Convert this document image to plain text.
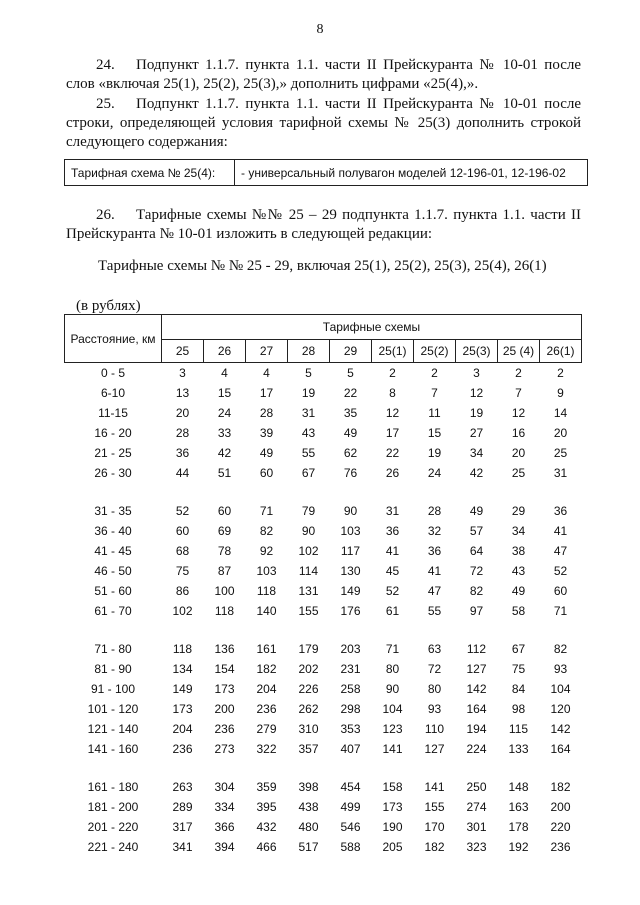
8
24. Подпункт 1.1.7. пункта 1.1. части II Прейскуранта № 10-01 после слов «включая 25(1), 25(2), 25(3),» дополнить цифрами «25(4),».
25. Подпункт 1.1.7. пункта 1.1. части II Прейскуранта № 10-01 после строки, определяющей условия тарифной схемы № 25(3) дополнить строкой следующего содержания:
Тарифная схема № 25(4):	- универсальный полувагон моделей 12-196-01, 12-196-02
26. Тарифные схемы №№ 25 – 29 подпункта 1.1.7. пункта 1.1. части II Прейскуранта № 10-01 изложить в следующей редакции:
Тарифные схемы № № 25 - 29, включая 25(1), 25(2), 25(3), 25(4), 26(1)
(в рублях)
Расстояние, км	Тарифные схемы									
	25	26	27	28	29	25(1)	25(2)	25(3)	25 (4)	26(1)
0 - 5	3	4	4	5	5	2	2	3	2	2
6-10	13	15	17	19	22	8	7	12	7	9
11-15	20	24	28	31	35	12	11	19	12	14
16 - 20	28	33	39	43	49	17	15	27	16	20
21 - 25	36	42	49	55	62	22	19	34	20	25
26 - 30	44	51	60	67	76	26	24	42	25	31

31 - 35	52	60	71	79	90	31	28	49	29	36
36 - 40	60	69	82	90	103	36	32	57	34	41
41 - 45	68	78	92	102	117	41	36	64	38	47
46 - 50	75	87	103	114	130	45	41	72	43	52
51 - 60	86	100	118	131	149	52	47	82	49	60
61 - 70	102	118	140	155	176	61	55	97	58	71

71 - 80	118	136	161	179	203	71	63	112	67	82
81 - 90	134	154	182	202	231	80	72	127	75	93
91 - 100	149	173	204	226	258	90	80	142	84	104
101 - 120	173	200	236	262	298	104	93	164	98	120
121 - 140	204	236	279	310	353	123	110	194	115	142
141 - 160	236	273	322	357	407	141	127	224	133	164

161 - 180	263	304	359	398	454	158	141	250	148	182
181 - 200	289	334	395	438	499	173	155	274	163	200
201 - 220	317	366	432	480	546	190	170	301	178	220
221 - 240	341	394	466	517	588	205	182	323	192	236
